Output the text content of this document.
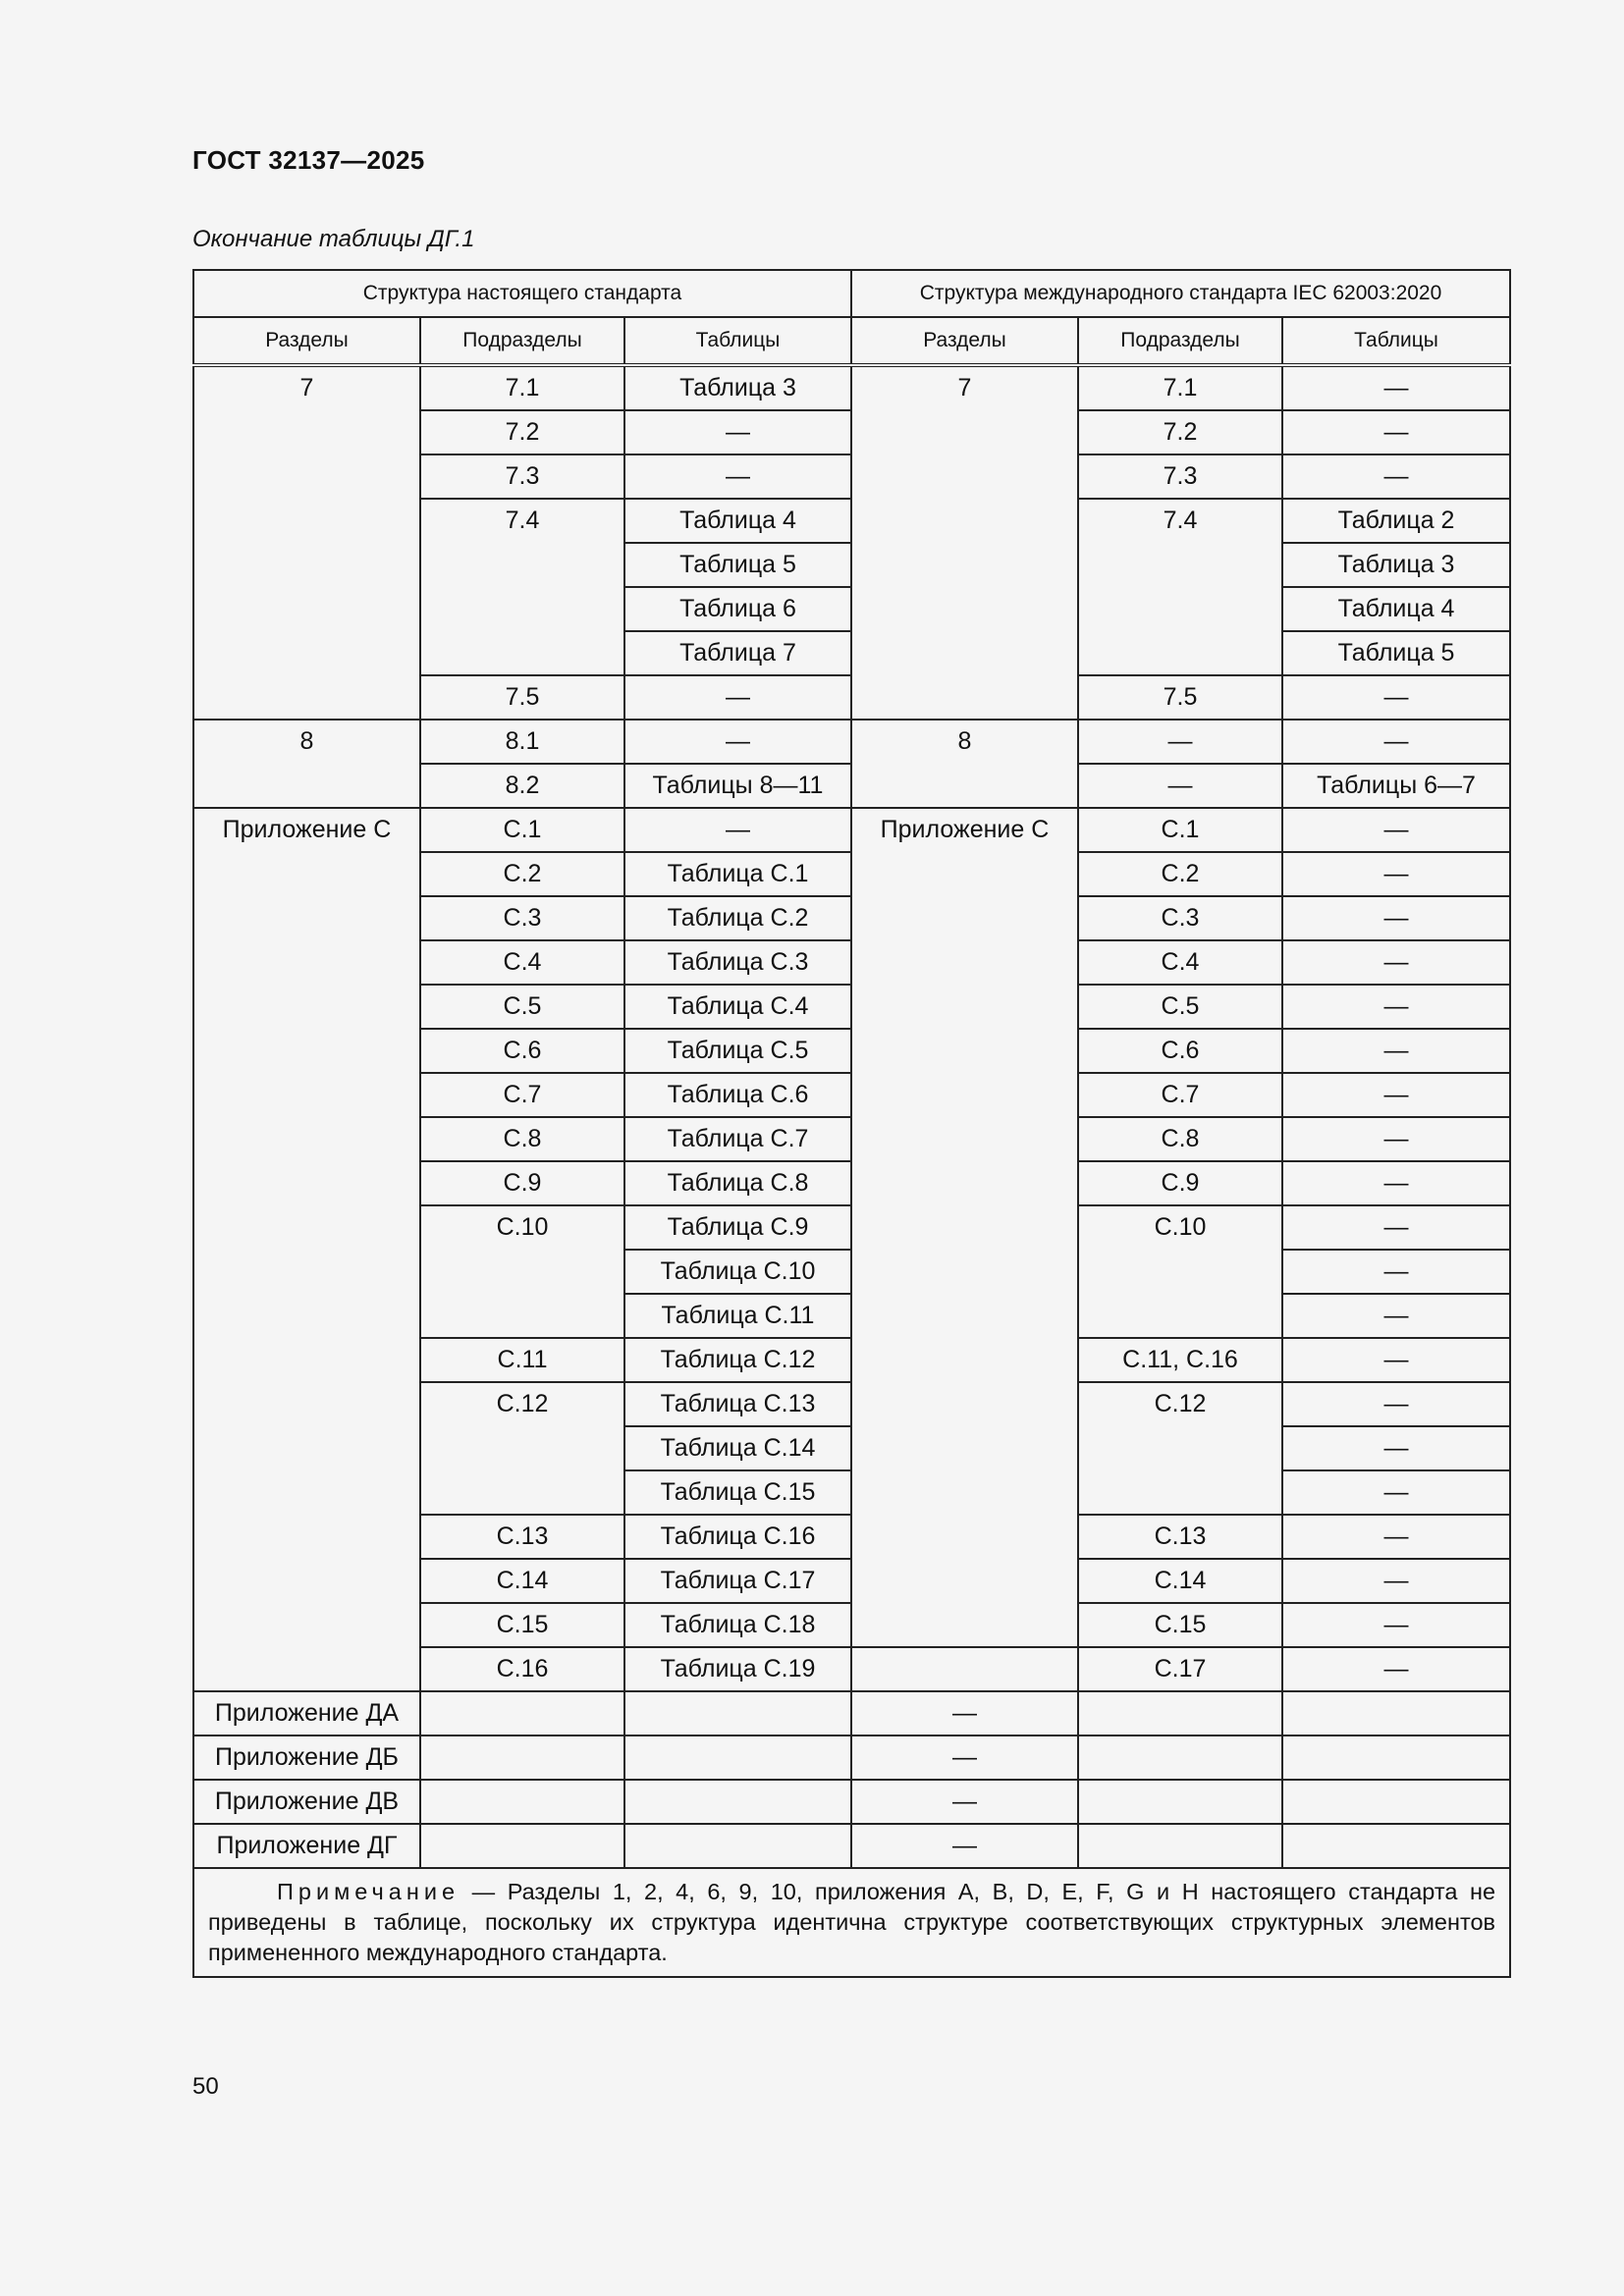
ГОСТ 32137—2025
Окончание таблицы ДГ.1
Структура настоящего стандарта			Структура международного стандарта IEC 62003:2020		
Разделы	Подразделы	Таблицы	Разделы	Подразделы	Таблицы
7	7.1	Таблица 3	7	7.1	—
	7.2	—		7.2	—
	7.3	—		7.3	—
	7.4	Таблица 4		7.4	Таблица 2
		Таблица 5			Таблица 3
		Таблица 6			Таблица 4
		Таблица 7			Таблица 5
	7.5	—		7.5	—
8	8.1	—	8	—	—
	8.2	Таблицы 8—11		—	Таблицы 6—7
Приложение С	С.1	—	Приложение С	С.1	—
	С.2	Таблица С.1		С.2	—
	С.3	Таблица С.2		С.3	—
	С.4	Таблица С.3		С.4	—
	С.5	Таблица С.4		С.5	—
	С.6	Таблица С.5		С.6	—
	С.7	Таблица С.6		С.7	—
	С.8	Таблица С.7		С.8	—
	С.9	Таблица С.8		С.9	—
	С.10	Таблица С.9		С.10	—
		Таблица С.10			—
		Таблица С.11			—
	С.11	Таблица С.12		С.11, С.16	—
	С.12	Таблица С.13		С.12	—
		Таблица С.14			—
		Таблица С.15			—
	С.13	Таблица С.16		С.13	—
	С.14	Таблица С.17		С.14	—
	С.15	Таблица С.18		С.15	—
	С.16	Таблица С.19		С.17	—
Приложение ДА			—		
Приложение ДБ			—		
Приложение ДВ			—		
Приложение ДГ			—		
Примечание — Разделы 1, 2, 4, 6, 9, 10, приложения А, В, D, Е, F, G и Н настоящего стандарта не приведены в таблице, поскольку их структура идентична структуре соответствующих структурных элементов примененного международного стандарта.					
50
